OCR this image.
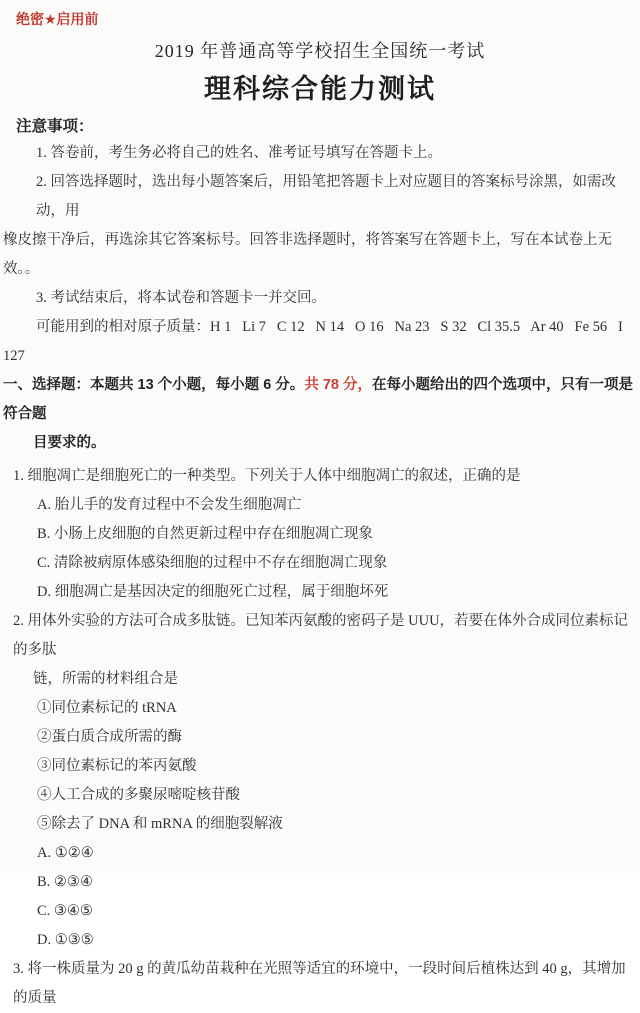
绝密★启用前
2019 年普通高等学校招生全国统一考试
理科综合能力测试
注意事项：
1. 答卷前，考生务必将自己的姓名、准考证号填写在答题卡上。
2. 回答选择题时，选出每小题答案后，用铅笔把答题卡上对应题目的答案标号涂黑，如需改动，用
橡皮擦干净后，再选涂其它答案标号。回答非选择题时，将答案写在答题卡上，写在本试卷上无效。。
3. 考试结束后，将本试卷和答题卡一并交回。
可能用到的相对原子质量：H 1   Li 7   C 12   N 14   O 16   Na 23   S 32   Cl 35.5   Ar 40   Fe 56   I
127
一、选择题：本题共 13 个小题，每小题 6 分。共 78 分，在每小题给出的四个选项中，只有一项是符合题
目要求的。
1. 细胞凋亡是细胞死亡的一种类型。下列关于人体中细胞凋亡的叙述，正确的是
A. 胎儿手的发育过程中不会发生细胞凋亡
B. 小肠上皮细胞的自然更新过程中存在细胞凋亡现象
C. 清除被病原体感染细胞的过程中不存在细胞凋亡现象
D. 细胞凋亡是基因决定的细胞死亡过程，属于细胞坏死
2. 用体外实验的方法可合成多肽链。已知苯丙氨酸的密码子是 UUU，若要在体外合成同位素标记的多肽
链，所需的材料组合是
①同位素标记的 tRNA
②蛋白质合成所需的酶
③同位素标记的苯丙氨酸
④人工合成的多聚尿嘧啶核苷酸
⑤除去了 DNA 和 mRNA 的细胞裂解液
A. ①②④
B. ②③④
C. ③④⑤
D. ①③⑤
3. 将一株质量为 20 g 的黄瓜幼苗栽种在光照等适宜的环境中，一段时间后植株达到 40 g，其增加的质量
